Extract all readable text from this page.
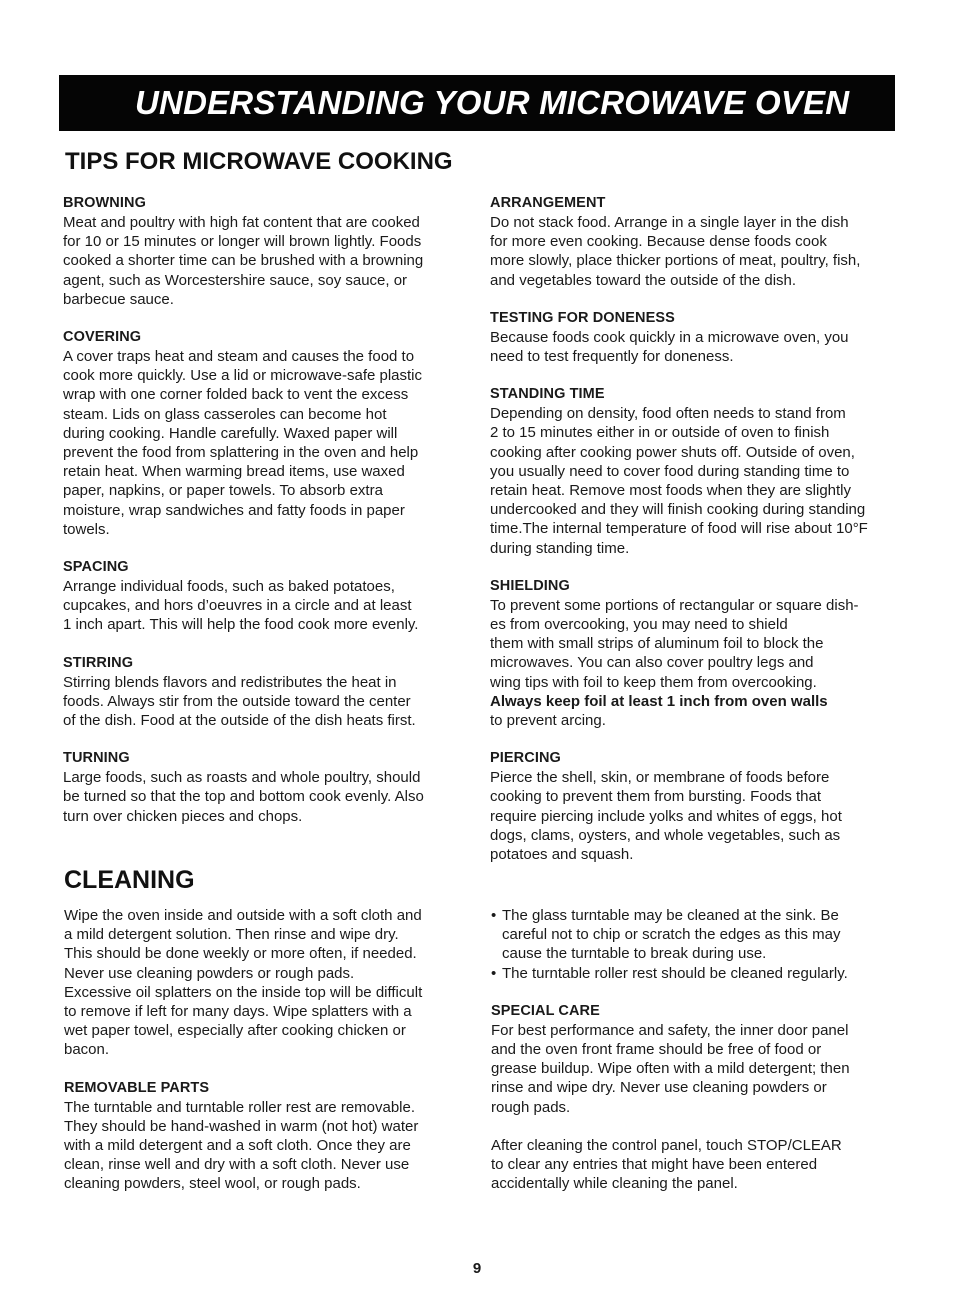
UNDERSTANDING YOUR MICROWAVE OVEN
TIPS FOR MICROWAVE COOKING
BROWNING

Meat and poultry with high fat content that are cooked

for 10 or 15 minutes or longer will brown lightly. Foods

cooked a shorter time can be brushed with a browning

agent, such as Worcestershire sauce, soy sauce, or

barbecue sauce.

COVERING

A cover traps heat and steam and causes the food to

cook more quickly. Use a lid or microwave-safe plastic

wrap with one corner folded back to vent the excess

steam. Lids on glass casseroles can become hot

during cooking. Handle carefully. Waxed paper will

prevent the food from splattering in the oven and help

retain heat. When warming bread items, use waxed

paper, napkins, or paper towels. To absorb extra

moisture, wrap sandwiches and fatty foods in paper

towels.

SPACING

Arrange individual foods, such as baked potatoes,

cupcakes, and hors d’oeuvres in a circle and at least

1 inch apart. This will help the food cook more evenly.

STIRRING

Stirring blends flavors and redistributes the heat in

foods. Always stir from the outside toward the center

of the dish. Food at the outside of the dish heats first.

TURNING

Large foods, such as roasts and whole poultry, should

be turned so that the top and bottom cook evenly. Also

turn over chicken pieces and chops.

ARRANGEMENT

Do not stack food. Arrange in a single layer in the dish

for more even cooking. Because dense foods cook

more slowly, place thicker portions of meat, poultry, fish,

and vegetables toward the outside of the dish.

TESTING FOR DONENESS

Because foods cook quickly in a microwave oven, you

need to test frequently for doneness.

STANDING TIME

Depending on density, food often needs to stand from

2 to 15 minutes either in or outside of oven to finish

cooking after cooking power shuts off. Outside of oven,

you usually need to cover food during standing time to

retain heat. Remove most foods when they are slightly

undercooked and they will finish cooking during standing

time.The internal temperature of food will rise about 10°F

during standing time.

SHIELDING

To prevent some portions of rectangular or square dish-

es from overcooking, you may need to shield

them with small strips of aluminum foil to block the

microwaves. You can also cover poultry legs and

wing tips with foil to keep them from overcooking.

Always keep foil at least 1 inch from oven walls

to prevent arcing.

PIERCING

Pierce the shell, skin, or membrane of foods before

cooking to prevent them from bursting. Foods that

require piercing include yolks and whites of eggs, hot

dogs, clams, oysters, and whole vegetables, such as

potatoes and squash.

CLEANING

Wipe the oven inside and outside with a soft cloth and

a mild detergent solution. Then rinse and wipe dry.

This should be done weekly or more often, if needed.

Never use cleaning powders or rough pads.

Excessive oil splatters on the inside top will be difficult

to remove if left for many days. Wipe splatters with a

wet paper towel, especially after cooking chicken or

bacon.

REMOVABLE PARTS

The turntable and turntable roller rest are removable.

They should be hand-washed in warm (not hot) water

with a mild detergent and a soft cloth. Once they are

clean, rinse well and dry with a soft cloth. Never use

cleaning powders, steel wool, or rough pads.

• The glass turntable may be cleaned at the sink. Be

careful not to chip or scratch the edges as this may

cause the turntable to break during use.

• The turntable roller rest should be cleaned regularly.

SPECIAL CARE

For best performance and safety, the inner door panel

and the oven front frame should be free of food or

grease buildup. Wipe often with a mild detergent; then

rinse and wipe dry. Never use cleaning powders or

rough pads.

After cleaning the control panel, touch STOP/CLEAR

to clear any entries that might have been entered

accidentally while cleaning the panel.

9
